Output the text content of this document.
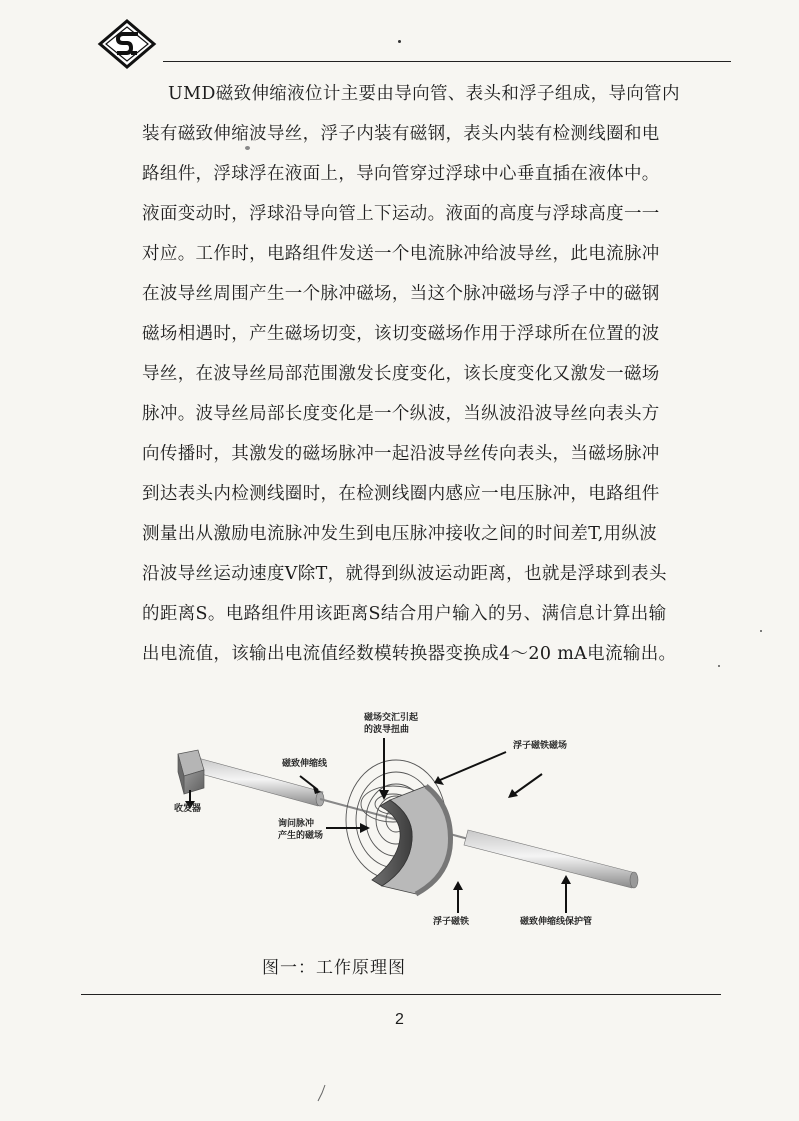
UMD磁致伸缩液位计主要由导向管、表头和浮子组成，导向管内
装有磁致伸缩波导丝，浮子内装有磁钢，表头内装有检测线圈和电
路组件，浮球浮在液面上，导向管穿过浮球中心垂直插在液体中。
液面变动时，浮球沿导向管上下运动。液面的高度与浮球高度一一
对应。工作时，电路组件发送一个电流脉冲给波导丝，此电流脉冲
在波导丝周围产生一个脉冲磁场，当这个脉冲磁场与浮子中的磁钢
磁场相遇时，产生磁场切变，该切变磁场作用于浮球所在位置的波
导丝，在波导丝局部范围激发长度变化，该长度变化又激发一磁场
脉冲。波导丝局部长度变化是一个纵波，当纵波沿波导丝向表头方
向传播时，其激发的磁场脉冲一起沿波导丝传向表头，当磁场脉冲
到达表头内检测线圈时，在检测线圈内感应一电压脉冲，电路组件
测量出从激励电流脉冲发生到电压脉冲接收之间的时间差T,用纵波
沿波导丝运动速度V除T，就得到纵波运动距离，也就是浮球到表头
的距离S。电路组件用该距离S结合用户输入的另、满信息计算出输
出电流值，该输出电流值经数模转换器变换成4～20 mA电流输出。
磁场交汇引起
的波导扭曲
浮子磁铁磁场
磁致伸缩线
收发器
询问脉冲
产生的磁场
浮子磁铁	磁致伸缩线保护管
图一：工作原理图
2
